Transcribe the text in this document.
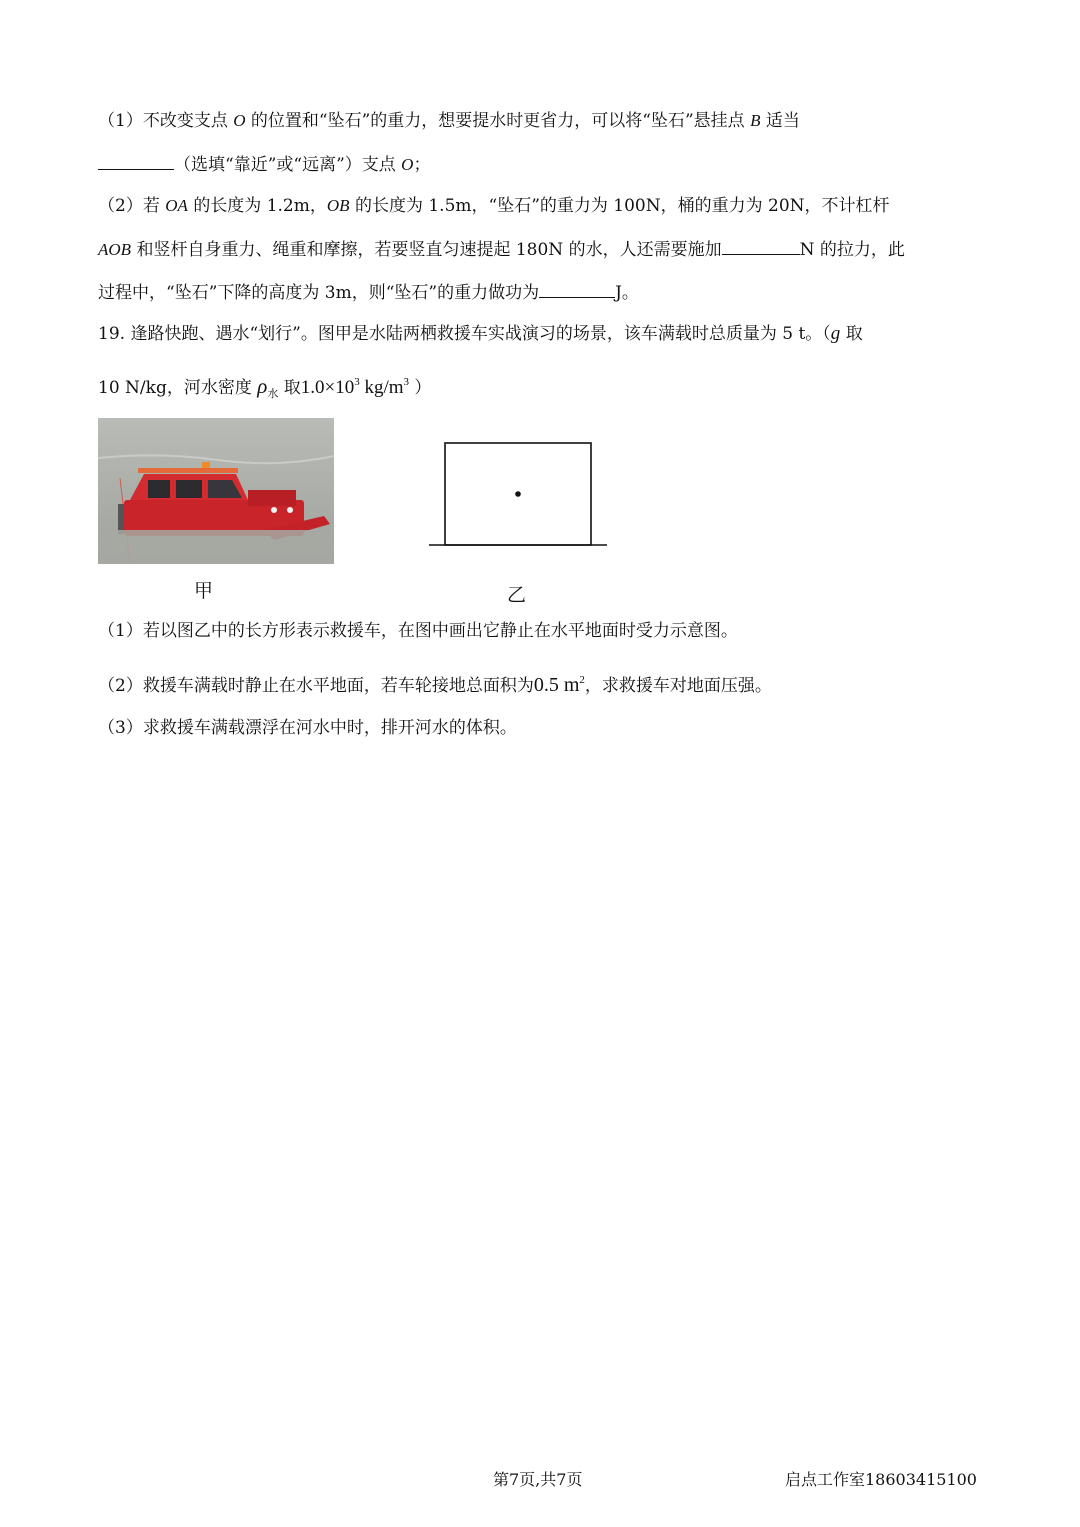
（1）不改变支点 O 的位置和“坠石”的重力，想要提水时更省力，可以将“坠石”悬挂点 B 适当
（选填“靠近”或“远离”）支点 O；
（2）若 OA 的长度为 1.2m，OB 的长度为 1.5m，“坠石”的重力为 100N，桶的重力为 20N，不计杠杆
AOB 和竖杆自身重力、绳重和摩擦，若要竖直匀速提起 180N 的水，人还需要施加	N 的拉力，此
过程中，“坠石”下降的高度为 3m，则“坠石”的重力做功为	J。
19. 逢路快跑、遇水“划行”。图甲是水陆两栖救援车实战演习的场景，该车满载时总质量为 5 t。（g 取
10 N/kg，河水密度 $\rho_水$ 取$1.0\times 10^3$ $kg/m^3$ ）
甲	乙
（1）若以图乙中的长方形表示救援车，在图中画出它静止在水平地面时受力示意图。
（2）救援车满载时静止在水平地面，若车轮接地总面积为0.5 $m^2$，求救援车对地面压强。
（3）求救援车满载漂浮在河水中时，排开河水的体积。
第7页,共7页	启点工作室18603415100
